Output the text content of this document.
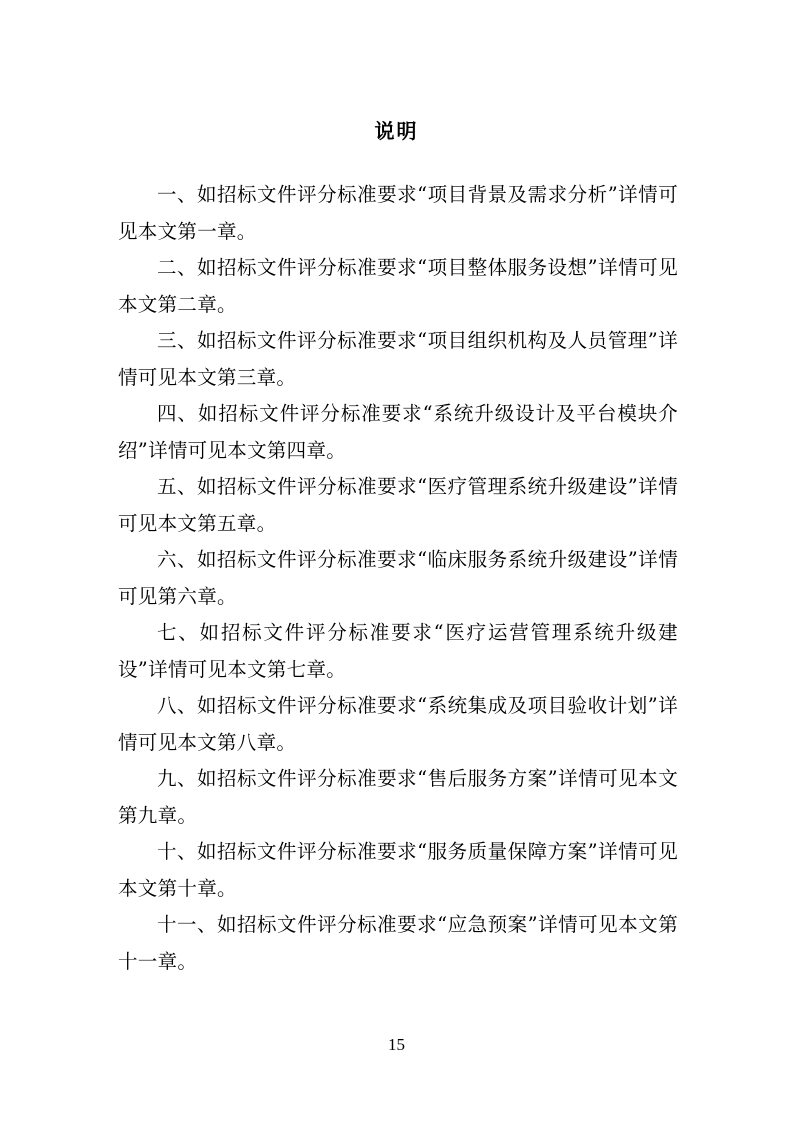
说明
一、如招标文件评分标准要求“项目背景及需求分析”详情可见本文第一章。
二、如招标文件评分标准要求“项目整体服务设想”详情可见本文第二章。
三、如招标文件评分标准要求“项目组织机构及人员管理”详情可见本文第三章。
四、如招标文件评分标准要求“系统升级设计及平台模块介绍”详情可见本文第四章。
五、如招标文件评分标准要求“医疗管理系统升级建设”详情可见本文第五章。
六、如招标文件评分标准要求“临床服务系统升级建设”详情可见第六章。
七、如招标文件评分标准要求“医疗运营管理系统升级建设”详情可见本文第七章。
八、如招标文件评分标准要求“系统集成及项目验收计划”详情可见本文第八章。
九、如招标文件评分标准要求“售后服务方案”详情可见本文第九章。
十、如招标文件评分标准要求“服务质量保障方案”详情可见本文第十章。
十一、如招标文件评分标准要求“应急预案”详情可见本文第十一章。
15
